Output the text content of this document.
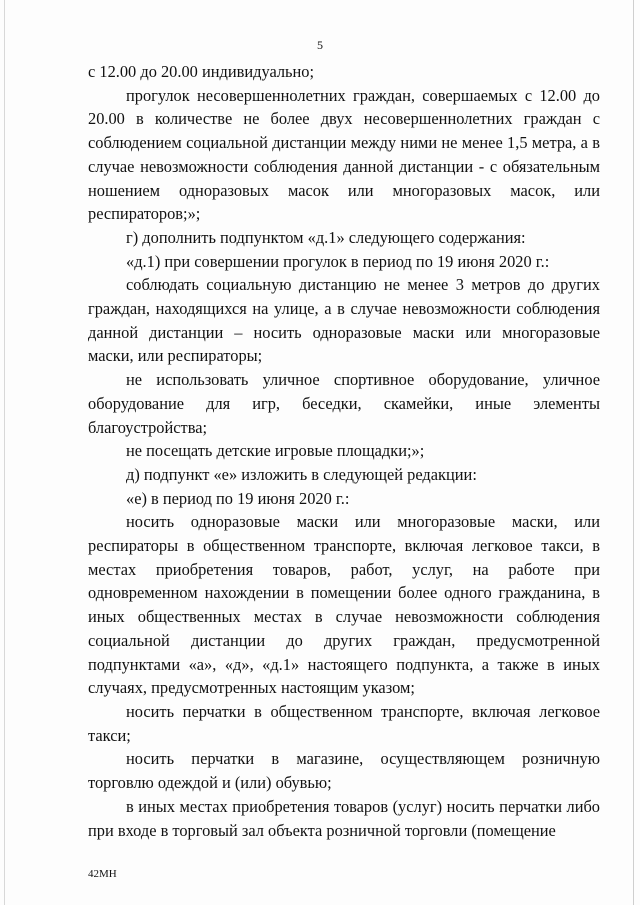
5

с 12.00 до 20.00 индивидуально;

прогулок несовершеннолетних граждан, совершаемых с 12.00 до 20.00 в количестве не более двух несовершеннолетних граждан с соблюдением социальной дистанции между ними не менее 1,5 метра, а в случае невозможности соблюдения данной дистанции - с обязательным ношением одноразовых масок или многоразовых масок, или респираторов;»;

г) дополнить подпунктом «д.1» следующего содержания:

«д.1) при совершении прогулок в период по 19 июня 2020 г.:

соблюдать социальную дистанцию не менее 3 метров до других граждан, находящихся на улице, а в случае невозможности соблюдения данной дистанции – носить одноразовые маски или многоразовые маски, или респираторы;

не использовать уличное спортивное оборудование, уличное оборудование для игр, беседки, скамейки, иные элементы благоустройства;

не посещать детские игровые площадки;»;

д) подпункт «е» изложить в следующей редакции:

«е) в период по 19 июня 2020 г.:

носить одноразовые маски или многоразовые маски, или респираторы в общественном транспорте, включая легковое такси, в местах приобретения товаров, работ, услуг, на работе при одновременном нахождении в помещении более одного гражданина, в иных общественных местах в случае невозможности соблюдения социальной дистанции до других граждан, предусмотренной подпунктами «а», «д», «д.1» настоящего подпункта, а также в иных случаях, предусмотренных настоящим указом;

носить перчатки в общественном транспорте, включая легковое такси;

носить перчатки в магазине, осуществляющем розничную торговлю одеждой и (или) обувью;

в иных местах приобретения товаров (услуг) носить перчатки либо при входе в торговый зал объекта розничной торговли (помещение

42МН
